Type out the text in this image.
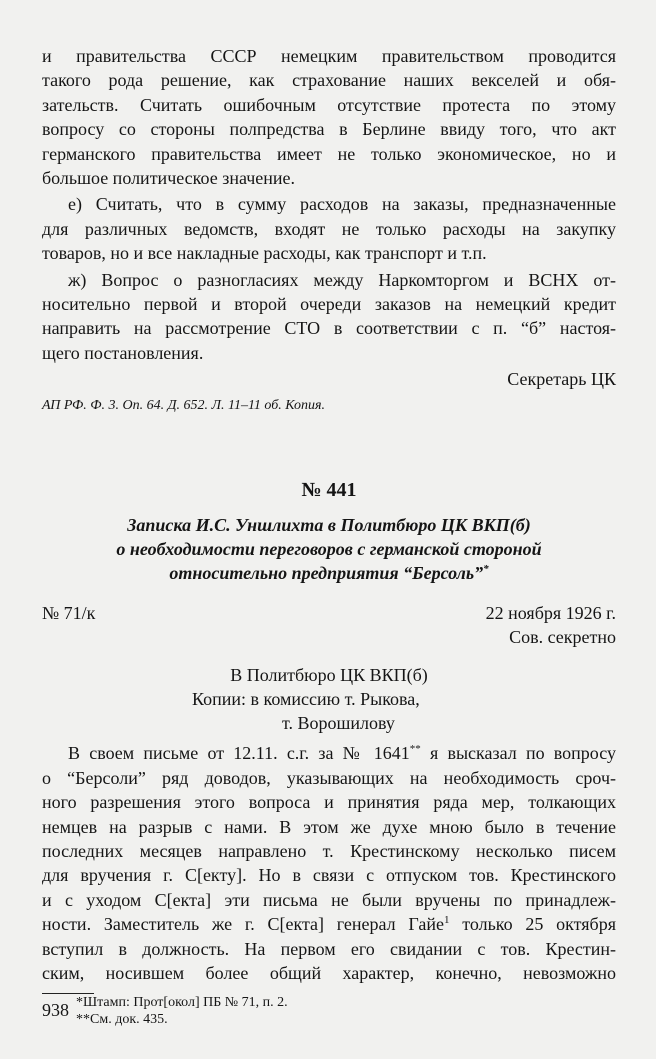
и правительства СССР немецким правительством проводится
такого рода решение, как страхование наших векселей и обя-
зательств. Считать ошибочным отсутствие протеста по этому
вопросу со стороны полпредства в Берлине ввиду того, что акт
германского правительства имеет не только экономическое, но и
большое политическое значение.

е) Считать, что в сумму расходов на заказы, предназначенные
для различных ведомств, входят не только расходы на закупку
товаров, но и все накладные расходы, как транспорт и т.п.

ж) Вопрос о разногласиях между Наркомторгом и ВСНХ от-
носительно первой и второй очереди заказов на немецкий кредит
направить на рассмотрение СТО в соответствии с п. “б” настоя-
щего постановления.

Секретарь ЦК

АП РФ. Ф. 3. Оп. 64. Д. 652. Л. 11–11 об. Копия.

№ 441

Записка И.С. Уншлихта в Политбюро ЦК ВКП(б)
о необходимости переговоров с германской стороной
относительно предприятия “Берсоль”*
№ 71/к	22 ноября 1926 г.

Сов. секретно

В Политбюро ЦК ВКП(б)

Копии: в комиссию т. Рыкова,

т. Ворошилову

В своем письме от 12.11. с.г. за № 1641** я высказал по вопросу
о “Берсоли” ряд доводов, указывающих на необходимость сроч-
ного разрешения этого вопроса и принятия ряда мер, толкающих
немцев на разрыв с нами. В этом же духе мною было в течение
последних месяцев направлено т. Крестинскому несколько писем
для вручения г. С[екту]. Но в связи с отпуском тов. Крестинского
и с уходом С[екта] эти письма не были вручены по принадлеж-
ности. Заместитель же г. С[екта] генерал Гайе$^1$ только 25 октября
вступил в должность. На первом его свидании с тов. Крестин-
ским, носившем более общий характер, конечно, невозможно

*Штамп: Прот[окол] ПБ № 71, п. 2.

**См. док. 435.

938
